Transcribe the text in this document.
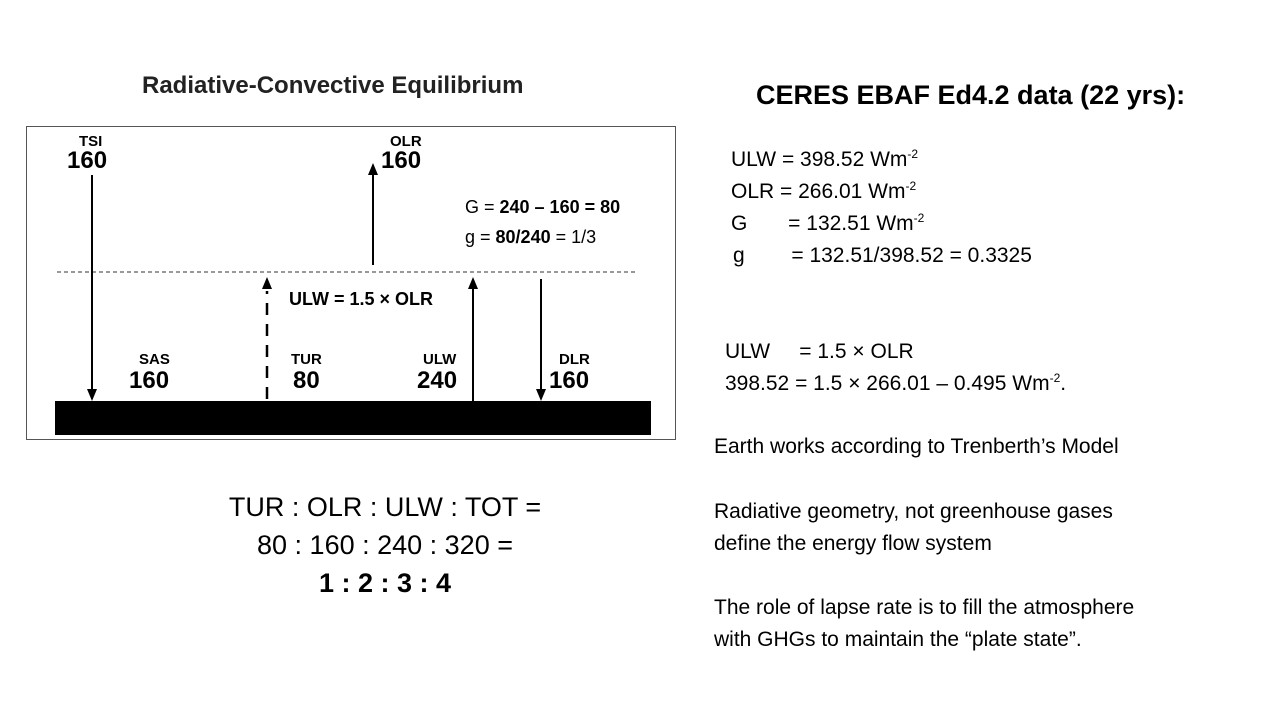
Radiative-Convective Equilibrium
TSI
160
OLR
160
G = 240 – 160 = 80
g = 80/240 = 1/3
ULW = 1.5 × OLR
SAS
160
TUR
80
ULW
240
DLR
160
TUR : OLR : ULW : TOT =
80 : 160 : 240 : 320 =
1 : 2 : 3 : 4
CERES EBAF Ed4.2 data (22 yrs):
ULW = 398.52 $Wm^{-2}$
OLR = 266.01 $Wm^{-2}$
G       = 132.51 $Wm^{-2}$
g        = 132.51/398.52 = 0.3325
ULW     = 1.5 × OLR
398.52 = 1.5 × 266.01 – 0.495 $Wm^{-2}$.
Earth works according to Trenberth’s Model
Radiative geometry, not greenhouse gases
define the energy flow system
The role of lapse rate is to fill the atmosphere
with GHGs to maintain the “plate state”.
